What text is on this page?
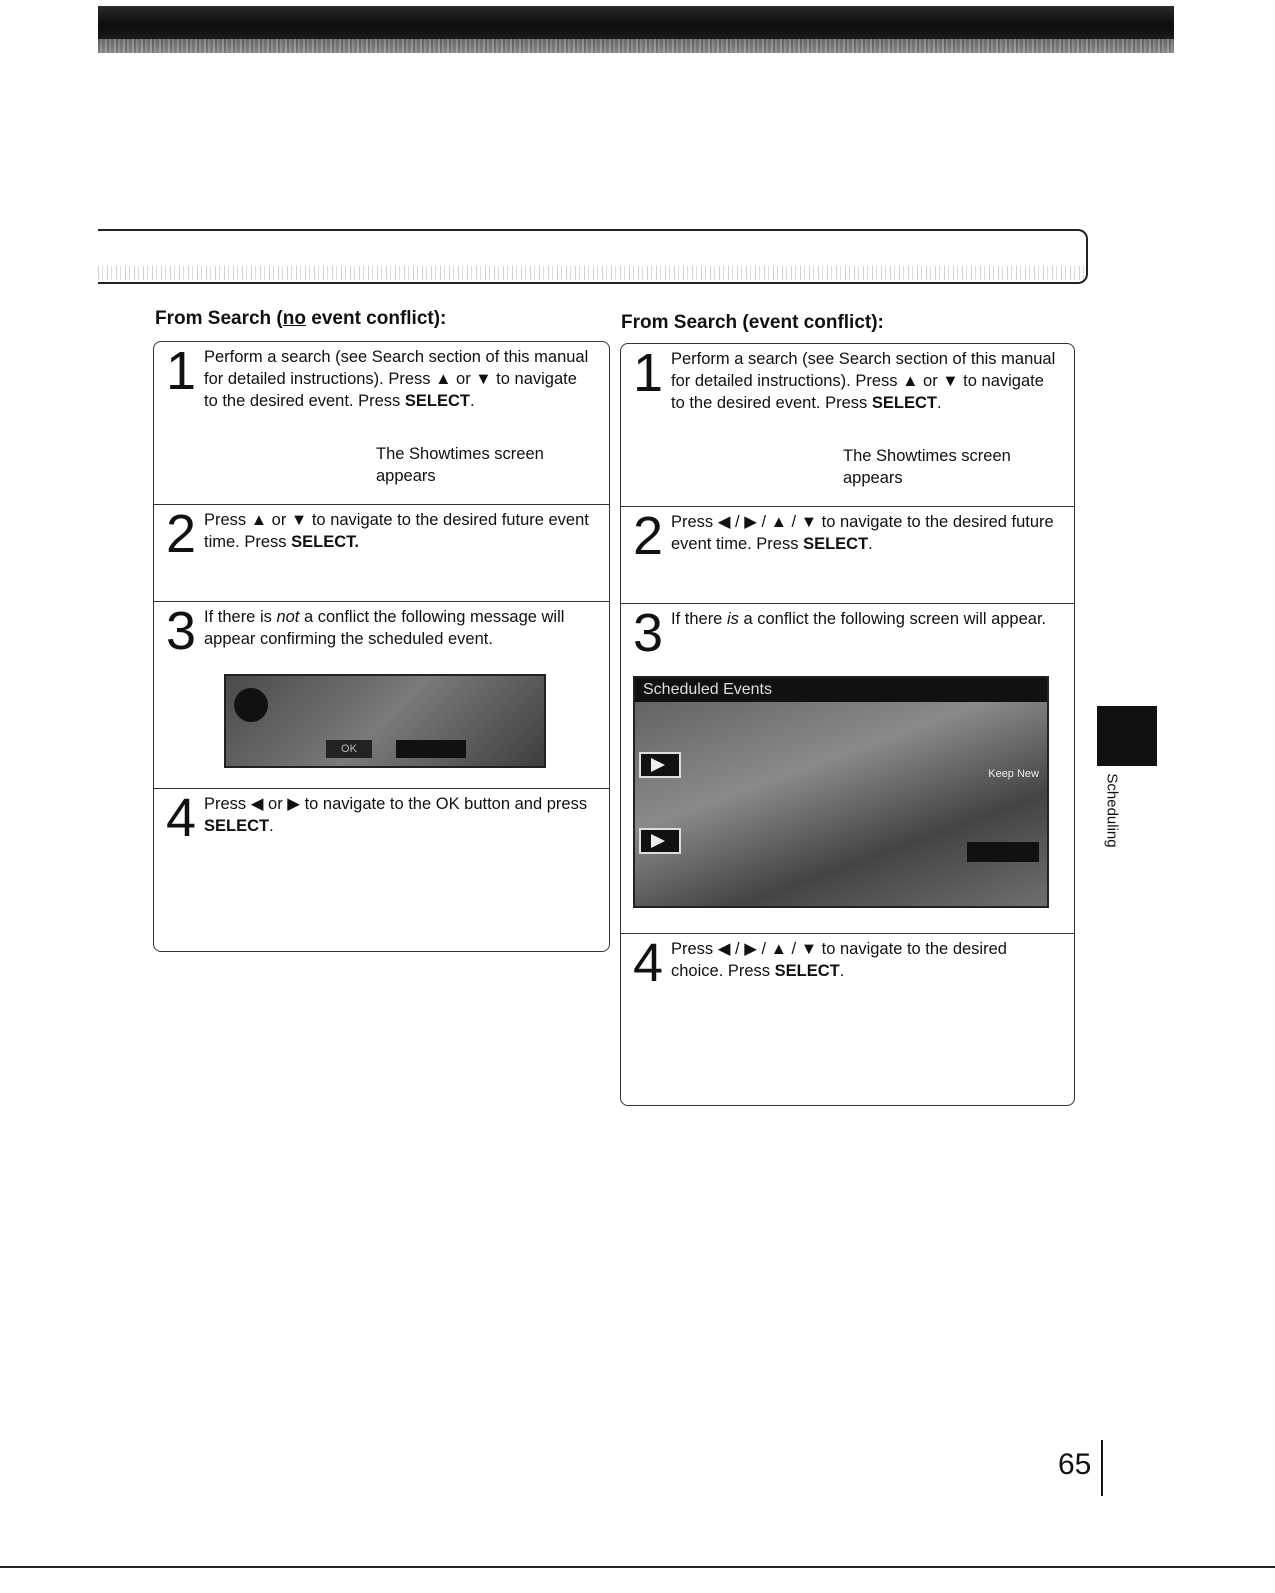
From Search (no event conflict):
1 Perform a search (see Search section of this manual for detailed instructions). Press ▲ or ▼ to navigate to the desired event. Press SELECT.

The Showtimes screen appears
2 Press ▲ or ▼ to navigate to the desired future event time. Press SELECT.

3 If there is not a conflict the following message will appear confirming the scheduled event.

OK
4 Press ◀ or ▶ to navigate to the OK button and press SELECT.

From Search (event conflict):
1 Perform a search (see Search section of this manual for detailed instructions). Press ▲ or ▼ to navigate to the desired event. Press SELECT.

The Showtimes screen appears
2 Press ◀ / ▶ / ▲ / ▼ to navigate to the desired future event time. Press SELECT.

3 If there is a conflict the following screen will appear.

Scheduled Events
Keep New
4 Press ◀ / ▶ / ▲ / ▼ to navigate to the desired choice. Press SELECT.

Scheduling
65
